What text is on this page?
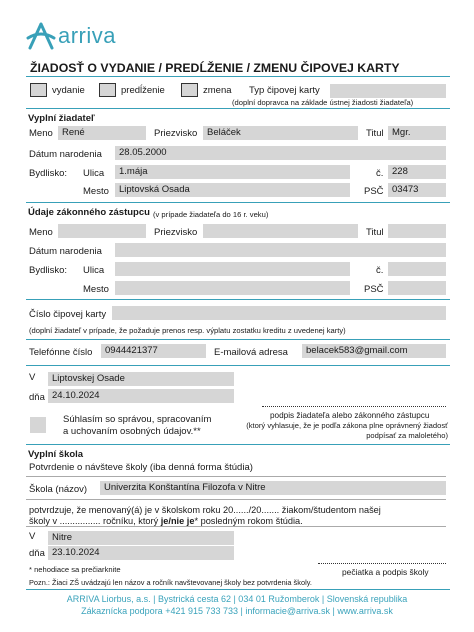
arriva
ŽIADOSŤ O VYDANIE / PREDĹŽENIE / ZMENU ČIPOVEJ KARTY
vydanie	predĺženie	zmena Typ čipovej karty
(doplní dopravca na základe ústnej žiadosti žiadateľa)
Vyplní žiadateľ
Meno René	Priezvisko	Beláček	Titul Mgr.
Dátum narodenia	28.05.2000
Bydlisko: Ulica	1.mája	č. 228
Mesto	Liptovská Osada	PSČ 03473
Údaje zákonného zástupcu (v prípade žiadateľa do 16 r. veku)
Meno	Priezvisko	Titul
Dátum narodenia
Bydlisko: Ulica	č.
Mesto	PSČ
Číslo čipovej karty
(doplní žiadateľ v prípade, že požaduje prenos resp. výplatu zostatku kreditu z uvedenej karty)
Telefónne číslo	0944421377	E-mailová adresa	belacek583@gmail.com
V	Liptovskej Osade
dňa 24.10.2024
Súhlasím so správou, spracovaním a uchovaním osobných údajov.**
podpis žiadateľa alebo zákonného zástupcu
(ktorý vyhlasuje, že je podľa zákona plne oprávnený žiadosť podpísať za maloletého)
Vyplní škola
Potvrdenie o návšteve školy (iba denná forma štúdia)
Škola (názov)	Univerzita Konštantína Filozofa v Nitre
potvrdzuje, že menovaný(á) je v školskom roku 20....../20....... žiakom/študentom našej
školy v ................ ročníku, ktorý je/nie je* posledným rokom štúdia.
V	Nitre
dňa 23.10.2024
* nehodiace sa prečiarknite	pečiatka a podpis školy
Pozn.: Žiaci ZŠ uvádzajú len názov a ročník navštevovanej školy bez potvrdenia školy.
ARRIVA Liorbus, a.s. | Bystrická cesta 62 | 034 01 Ružomberok | Slovenská republika
Zákaznícka podpora +421 915 733 733 | informacie@arriva.sk | www.arriva.sk
